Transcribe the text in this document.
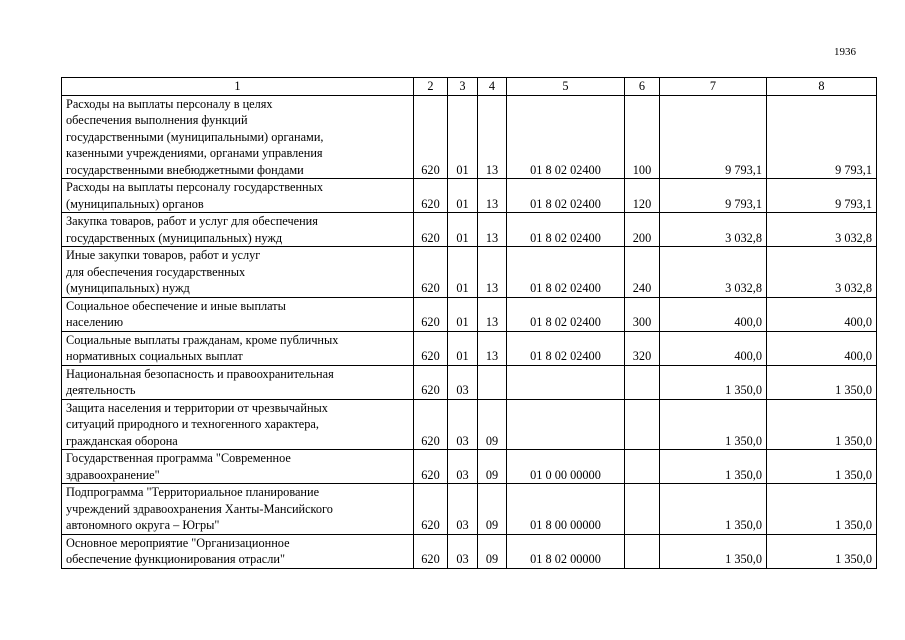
1936
1	2	3	4	5	6	7	8
Расходы на выплаты персоналу в целях
обеспечения выполнения функций
государственными (муниципальными) органами,
казенными учреждениями, органами управления
государственными внебюджетными фондами	620	01	13	01 8 02 02400	100	9 793,1	9 793,1
Расходы на выплаты персоналу государственных
(муниципальных) органов	620	01	13	01 8 02 02400	120	9 793,1	9 793,1
Закупка товаров, работ и услуг для обеспечения
государственных (муниципальных) нужд	620	01	13	01 8 02 02400	200	3 032,8	3 032,8
Иные закупки товаров, работ и услуг
для обеспечения государственных
(муниципальных) нужд	620	01	13	01 8 02 02400	240	3 032,8	3 032,8
Социальное обеспечение и иные выплаты
населению	620	01	13	01 8 02 02400	300	400,0	400,0
Социальные выплаты гражданам, кроме публичных
нормативных социальных выплат	620	01	13	01 8 02 02400	320	400,0	400,0
Национальная безопасность и правоохранительная
деятельность	620	03				1 350,0	1 350,0
Защита населения и территории от чрезвычайных
ситуаций природного и техногенного характера,
гражданская оборона	620	03	09			1 350,0	1 350,0
Государственная программа "Современное
здравоохранение"	620	03	09	01 0 00 00000		1 350,0	1 350,0
Подпрограмма "Территориальное планирование
учреждений здравоохранения Ханты-Мансийского
автономного округа – Югры"	620	03	09	01 8 00 00000		1 350,0	1 350,0
Основное мероприятие "Организационное
обеспечение функционирования отрасли"	620	03	09	01 8 02 00000		1 350,0	1 350,0
